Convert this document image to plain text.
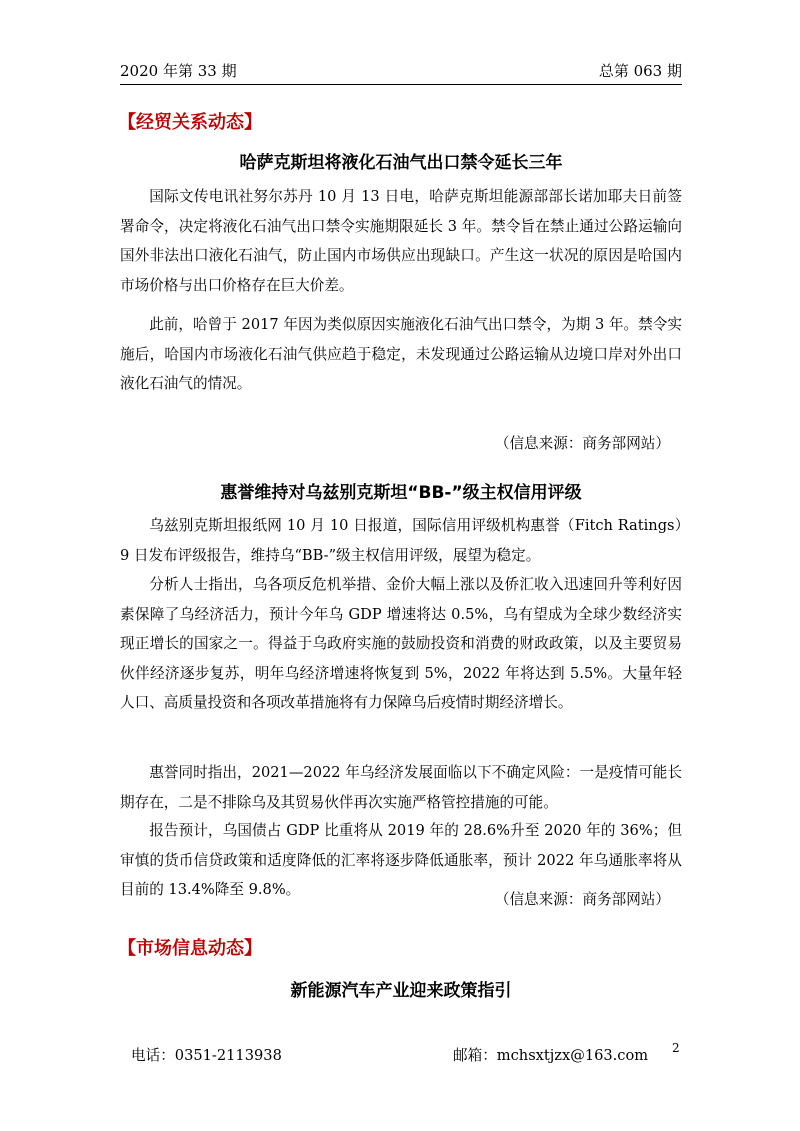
2020 年第 33 期	总第 063 期
【经贸关系动态】
哈萨克斯坦将液化石油气出口禁令延长三年

国际文传电讯社努尔苏丹 10 月 13 日电，哈萨克斯坦能源部部长诺加耶夫日前签署命令，决定将液化石油气出口禁令实施期限延长 3 年。禁令旨在禁止通过公路运输向国外非法出口液化石油气，防止国内市场供应出现缺口。产生这一状况的原因是哈国内市场价格与出口价格存在巨大价差。

此前，哈曾于 2017 年因为类似原因实施液化石油气出口禁令，为期 3 年。禁令实施后，哈国内市场液化石油气供应趋于稳定，未发现通过公路运输从边境口岸对外出口液化石油气的情况。

（信息来源：商务部网站）
惠誉维持对乌兹别克斯坦“BB-”级主权信用评级

乌兹别克斯坦报纸网 10 月 10 日报道，国际信用评级机构惠誉（Fitch Ratings）9 日发布评级报告，维持乌“BB-”级主权信用评级，展望为稳定。

分析人士指出，乌各项反危机举措、金价大幅上涨以及侨汇收入迅速回升等利好因素保障了乌经济活力，预计今年乌 GDP 增速将达 0.5%，乌有望成为全球少数经济实现正增长的国家之一。得益于乌政府实施的鼓励投资和消费的财政政策，以及主要贸易伙伴经济逐步复苏，明年乌经济增速将恢复到 5%，2022 年将达到 5.5%。大量年轻人口、高质量投资和各项改革措施将有力保障乌后疫情时期经济增长。

惠誉同时指出，2021—2022 年乌经济发展面临以下不确定风险：一是疫情可能长期存在，二是不排除乌及其贸易伙伴再次实施严格管控措施的可能。

报告预计，乌国债占 GDP 比重将从 2019 年的 28.6%升至 2020 年的 36%；但审慎的货币信贷政策和适度降低的汇率将逐步降低通胀率，预计 2022 年乌通胀率将从目前的 13.4%降至 9.8%。

（信息来源：商务部网站）
【市场信息动态】
新能源汽车产业迎来政策指引
电话：0351-2113938	邮箱：mchsxtjzx@163.com 2
